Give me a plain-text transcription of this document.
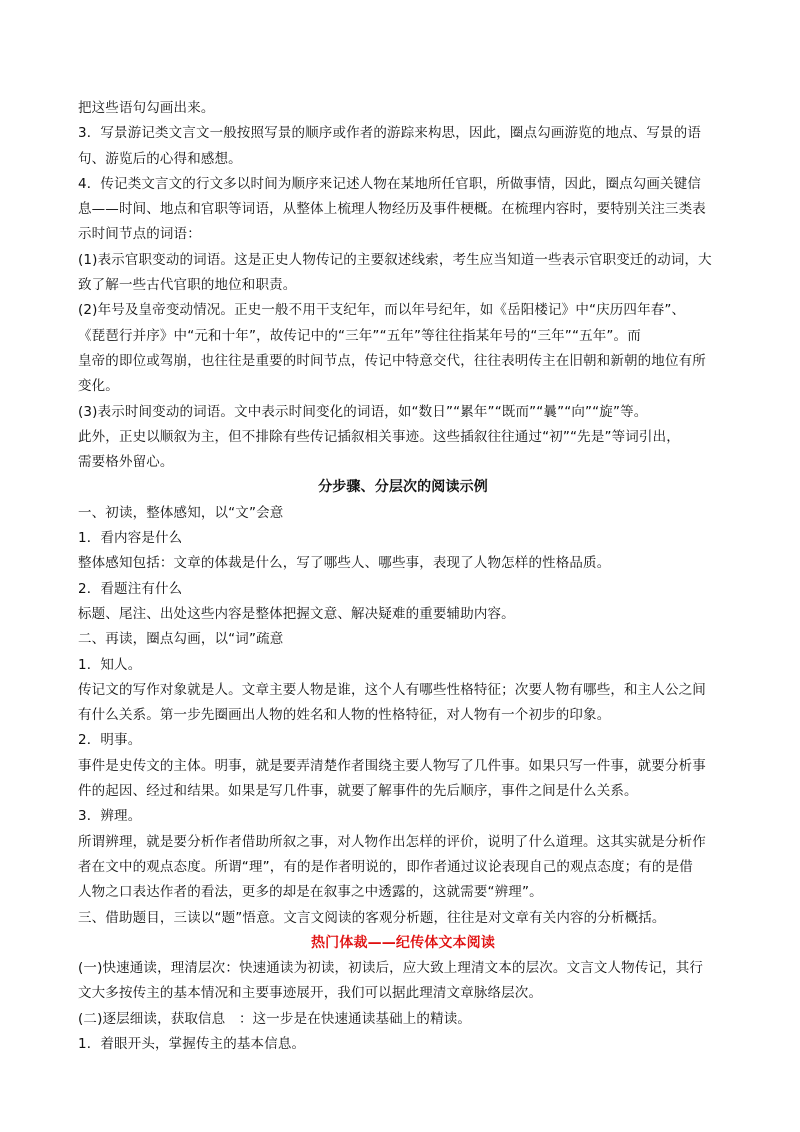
把这些语句勾画出来。
3．写景游记类文言文一般按照写景的顺序或作者的游踪来构思，因此，圈点勾画游览的地点、写景的语
句、游览后的心得和感想。
4．传记类文言文的行文多以时间为顺序来记述人物在某地所任官职，所做事情，因此，圈点勾画关键信
息——时间、地点和官职等词语，从整体上梳理人物经历及事件梗概。在梳理内容时，要特别关注三类表
示时间节点的词语：
(1)表示官职变动的词语。这是正史人物传记的主要叙述线索，考生应当知道一些表示官职变迁的动词，大
致了解一些古代官职的地位和职责。
(2)年号及皇帝变动情况。正史一般不用干支纪年，而以年号纪年，如《岳阳楼记》中“庆历四年春”、
《琵琶行并序》中“元和十年”，故传记中的“三年”“五年”等往往指某年号的“三年”“五年”。而
皇帝的即位或驾崩，也往往是重要的时间节点，传记中特意交代，往往表明传主在旧朝和新朝的地位有所
变化。
(3)表示时间变动的词语。文中表示时间变化的词语，如“数日”“累年”“既而”“曩”“向”“旋”等。
此外，正史以顺叙为主，但不排除有些传记插叙相关事迹。这些插叙往往通过“初”“先是”等词引出，
需要格外留心。
分步骤、分层次的阅读示例
一、初读，整体感知，以“文”会意
1．看内容是什么
整体感知包括：文章的体裁是什么，写了哪些人、哪些事，表现了人物怎样的性格品质。
2．看题注有什么
标题、尾注、出处这些内容是整体把握文意、解决疑难的重要辅助内容。
二、再读，圈点勾画，以“词”疏意
1．知人。
传记文的写作对象就是人。文章主要人物是谁，这个人有哪些性格特征；次要人物有哪些，和主人公之间
有什么关系。第一步先圈画出人物的姓名和人物的性格特征，对人物有一个初步的印象。
2．明事。
事件是史传文的主体。明事，就是要弄清楚作者围绕主要人物写了几件事。如果只写一件事，就要分析事
件的起因、经过和结果。如果是写几件事，就要了解事件的先后顺序，事件之间是什么关系。
3．辨理。
所谓辨理，就是要分析作者借助所叙之事，对人物作出怎样的评价，说明了什么道理。这其实就是分析作
者在文中的观点态度。所谓“理”，有的是作者明说的，即作者通过议论表现自己的观点态度；有的是借
人物之口表达作者的看法，更多的却是在叙事之中透露的，这就需要“辨理”。
三、借助题目，三读以“题”悟意。文言文阅读的客观分析题，往往是对文章有关内容的分析概括。
热门体裁——纪传体文本阅读
(一)快速通读，理清层次：快速通读为初读，初读后，应大致上理清文本的层次。文言文人物传记，其行
文大多按传主的基本情况和主要事迹展开，我们可以据此理清文章脉络层次。
(二)逐层细读，获取信息　：这一步是在快速通读基础上的精读。
1．着眼开头，掌握传主的基本信息。
